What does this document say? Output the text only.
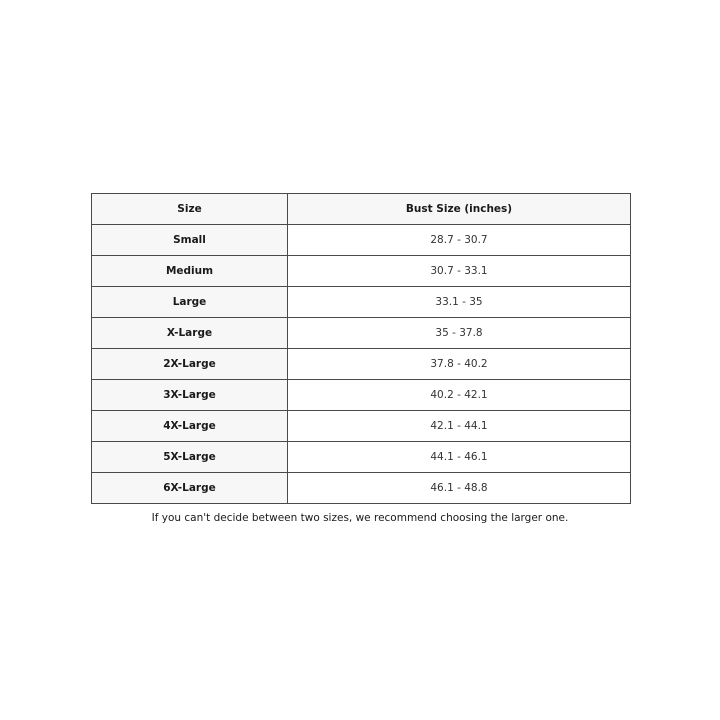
Size	Bust Size (inches)
Small	28.7 - 30.7
Medium	30.7 - 33.1
Large	33.1 - 35
X-Large	35 - 37.8
2X-Large	37.8 - 40.2
3X-Large	40.2 - 42.1
4X-Large	42.1 - 44.1
5X-Large	44.1 - 46.1
6X-Large	46.1 - 48.8
If you can't decide between two sizes, we recommend choosing the larger one.
